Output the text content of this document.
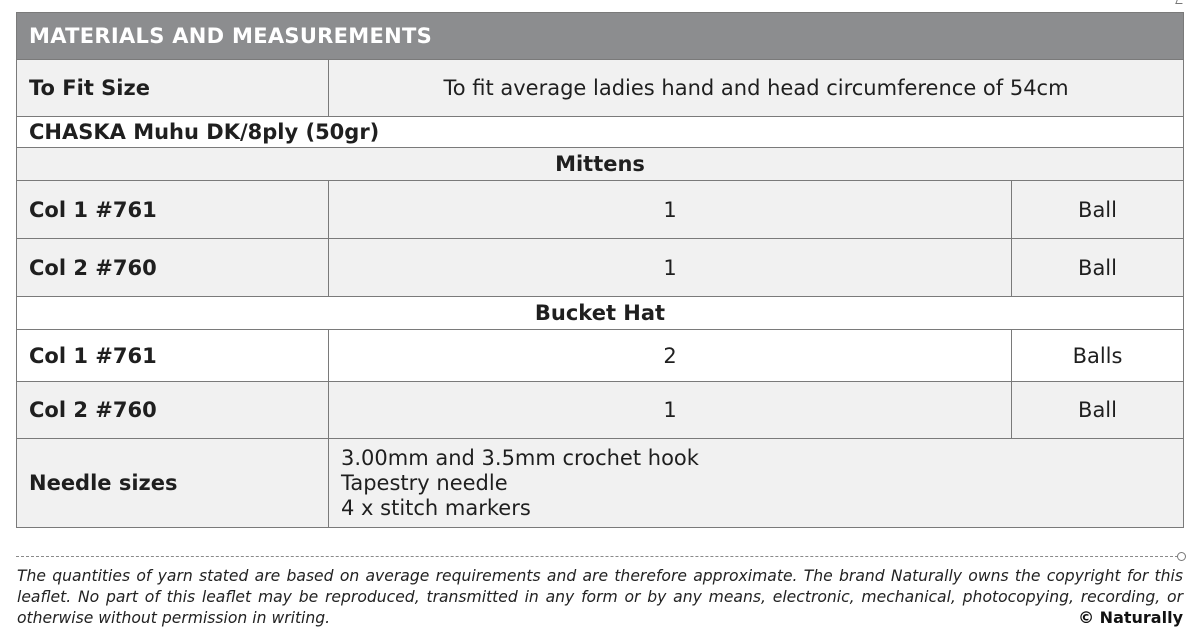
MATERIALS AND MEASUREMENTS		
To Fit Size	To fit average ladies hand and head circumference of 54cm	
CHASKA Muhu DK/8ply (50gr)		
Mittens		
Col 1 #761	1	Ball
Col 2 #760	1	Ball
Bucket Hat		
Col 1 #761	2	Balls
Col 2 #760	1	Ball
Needle sizes	3.00mm and 3.5mm crochet hook
Tapestry needle
4 x stitch markers	
The quantities of yarn stated are based on average requirements and are therefore approximate. The brand Naturally owns the copyright for this leaflet. No part of this leaflet may be reproduced, transmitted in any form or by any means, electronic, mechanical, photocopying, recording, or otherwise without permission in writing.	© Naturally
